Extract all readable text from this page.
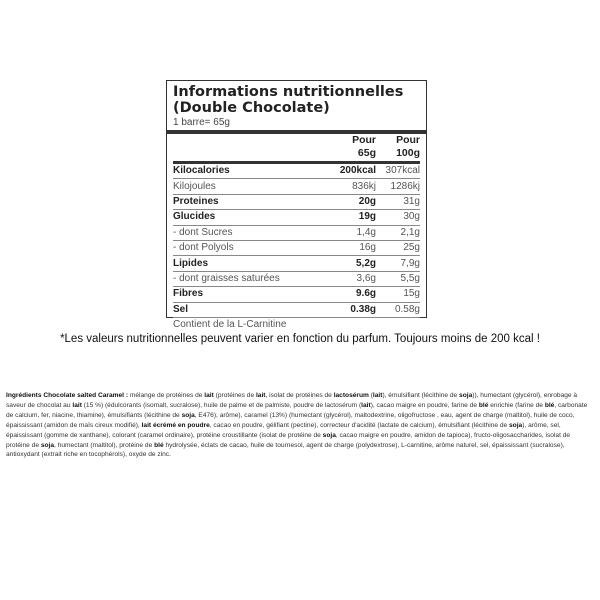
Informations nutritionnelles
(Double Chocolate)
1 barre= 65g
	Pour	Pour
	65g	100g
Kilocalories	200kcal	307kcal
Kilojoules	836kj	1286kj
Proteines	20g	31g
Glucides	19g	30g
- dont Sucres	1,4g	2,1g
- dont Polyols	16g	25g
Lipides	5,2g	7,9g
- dont graisses saturées	3,6g	5,5g
Fibres	9.6g	15g
Sel	0.38g	0.58g
Contient de la L-Carnitine		
*Les valeurs nutritionnelles peuvent varier en fonction du parfum. Toujours moins de 200 kcal !
Ingrédients Chocolate salted Caramel : mélange de protéines de lait (protéines de lait, isolat de protéines de lactosérum (lait), émulsifiant (lécithine de soja)), humectant (glycérol), enrobage à saveur de chocolat au lait (15 %) (édulcorants (isomalt, sucralose), huile de palme et de palmiste, poudre de lactosérum (lait), cacao maigre en poudre, farine de blé enrichie (farine de blé, carbonate de calcium, fer, niacine, thiamine), émulsifiants (lécithine de soja, E476), arôme), caramel (13%) (humectant (glycérol), maltodextrine, oligofructose , eau, agent de charge (maltitol), huile de coco, épaississant (amidon de maïs cireux modifié), lait écrémé en poudre, cacao en poudre, gélifiant (pectine), correcteur d'acidité (lactate de calcium), émulsifiant (lécithine de soja), arôme, sel, épaississant (gomme de xanthane), colorant (caramel ordinaire), protéine croustillante (isolat de protéine de soja, cacao maigre en poudre, amidon de tapioca), fructo-oligosaccharides, isolat de protéine de soja, humectant (maltitol), protéine de blé hydrolysée, éclats de cacao, huile de tournesol, agent de charge (polydextrose), L-carnitine, arôme naturel, sel, épaississant (sucralose), antioxydant (extrait riche en tocophérols), oxyde de zinc.
